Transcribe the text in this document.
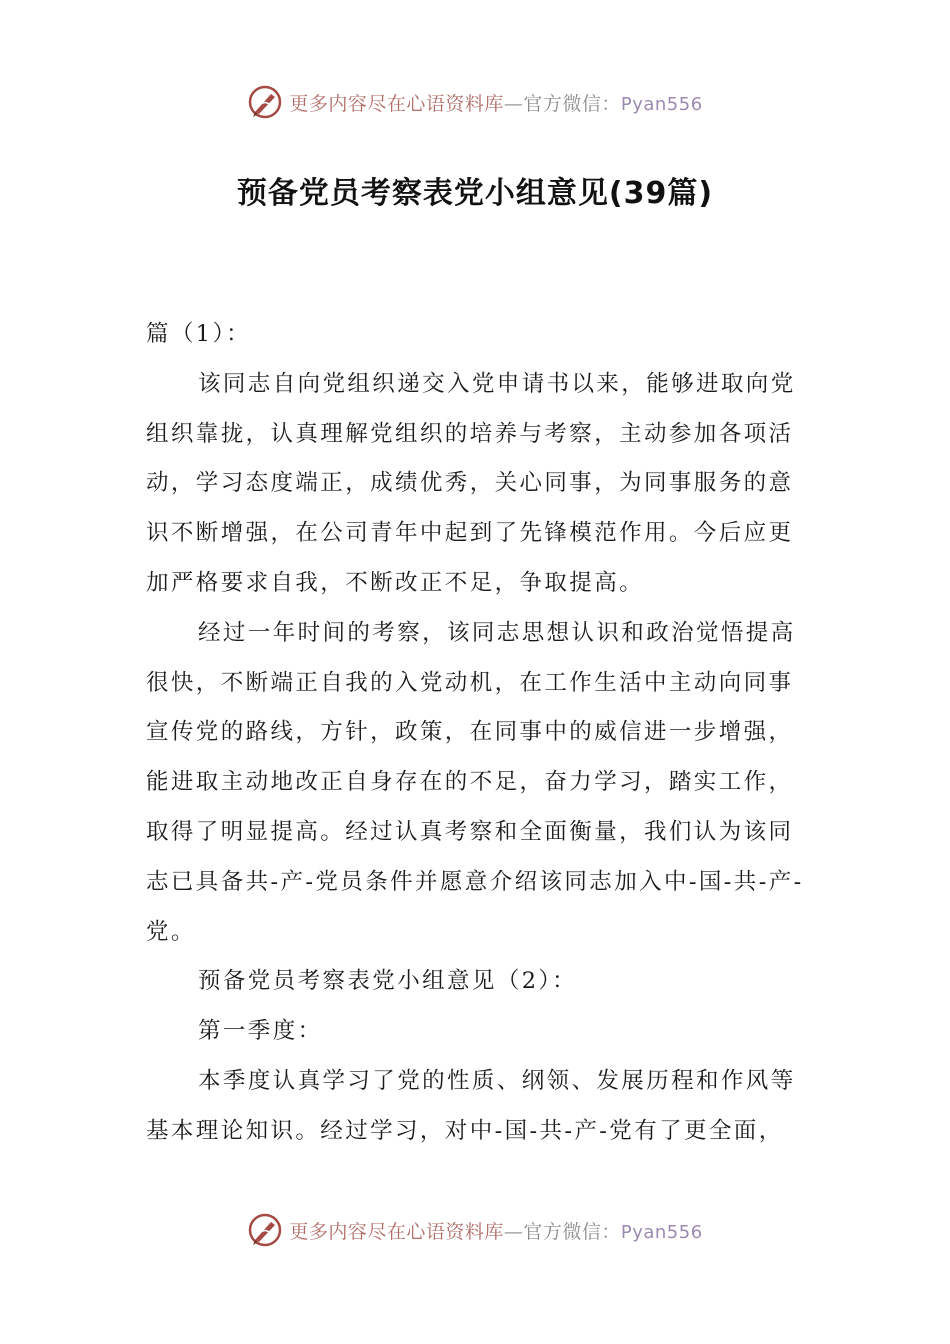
更多内容尽在心语资料库—官方微信：Pyan556
预备党员考察表党小组意见(39篇)

篇（1）：

该同志自向党组织递交入党申请书以来，能够进取向党组织靠拢，认真理解党组织的培养与考察，主动参加各项活动，学习态度端正，成绩优秀，关心同事，为同事服务的意识不断增强，在公司青年中起到了先锋模范作用。今后应更加严格要求自我，不断改正不足，争取提高。

经过一年时间的考察，该同志思想认识和政治觉悟提高很快，不断端正自我的入党动机，在工作生活中主动向同事宣传党的路线，方针，政策，在同事中的威信进一步增强，能进取主动地改正自身存在的不足，奋力学习，踏实工作，取得了明显提高。经过认真考察和全面衡量，我们认为该同志已具备共-产-党员条件并愿意介绍该同志加入中-国-共-产-党。

预备党员考察表党小组意见（2）：

第一季度：

本季度认真学习了党的性质、纲领、发展历程和作风等基本理论知识。经过学习，对中-国-共-产-党有了更全面，

更多内容尽在心语资料库—官方微信：Pyan556
